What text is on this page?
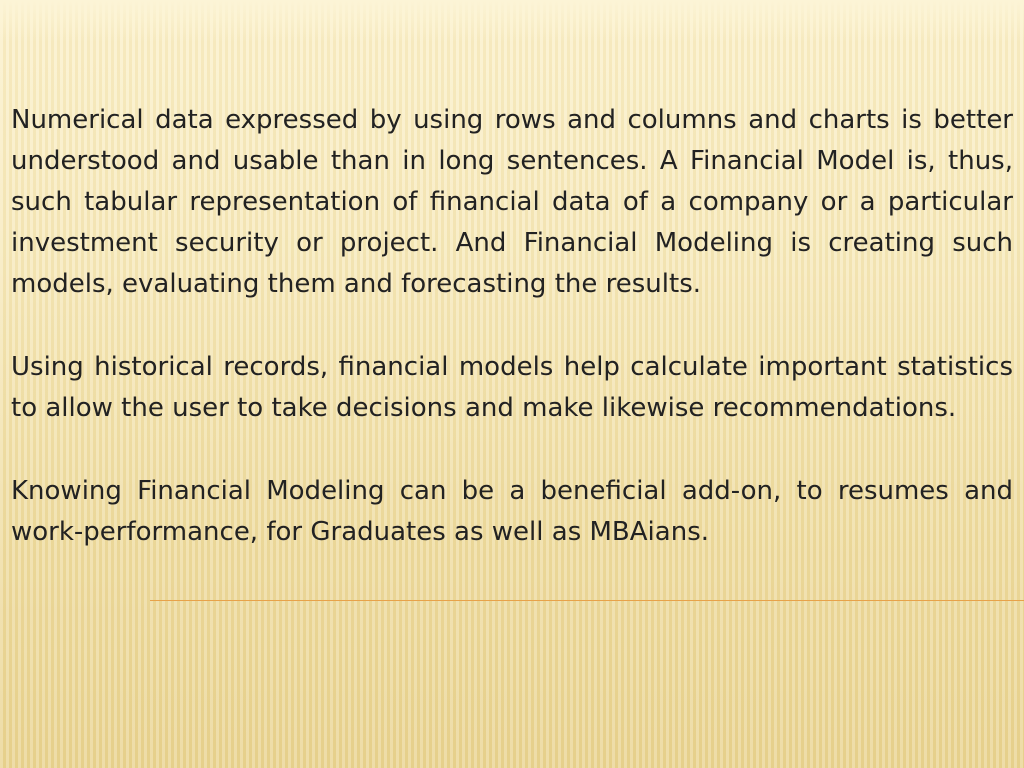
Numerical data expressed by using rows and columns and charts is better understood and usable than in long sentences. A Financial Model is, thus, such tabular representation of financial data of a company or a particular investment security or project. And Financial Modeling is creating such models, evaluating them and forecasting the results.

Using historical records, financial models help calculate important statistics to allow the user to take decisions and make likewise recommendations.

Knowing Financial Modeling can be a beneficial add-on, to resumes and work-performance, for Graduates as well as MBAians.
